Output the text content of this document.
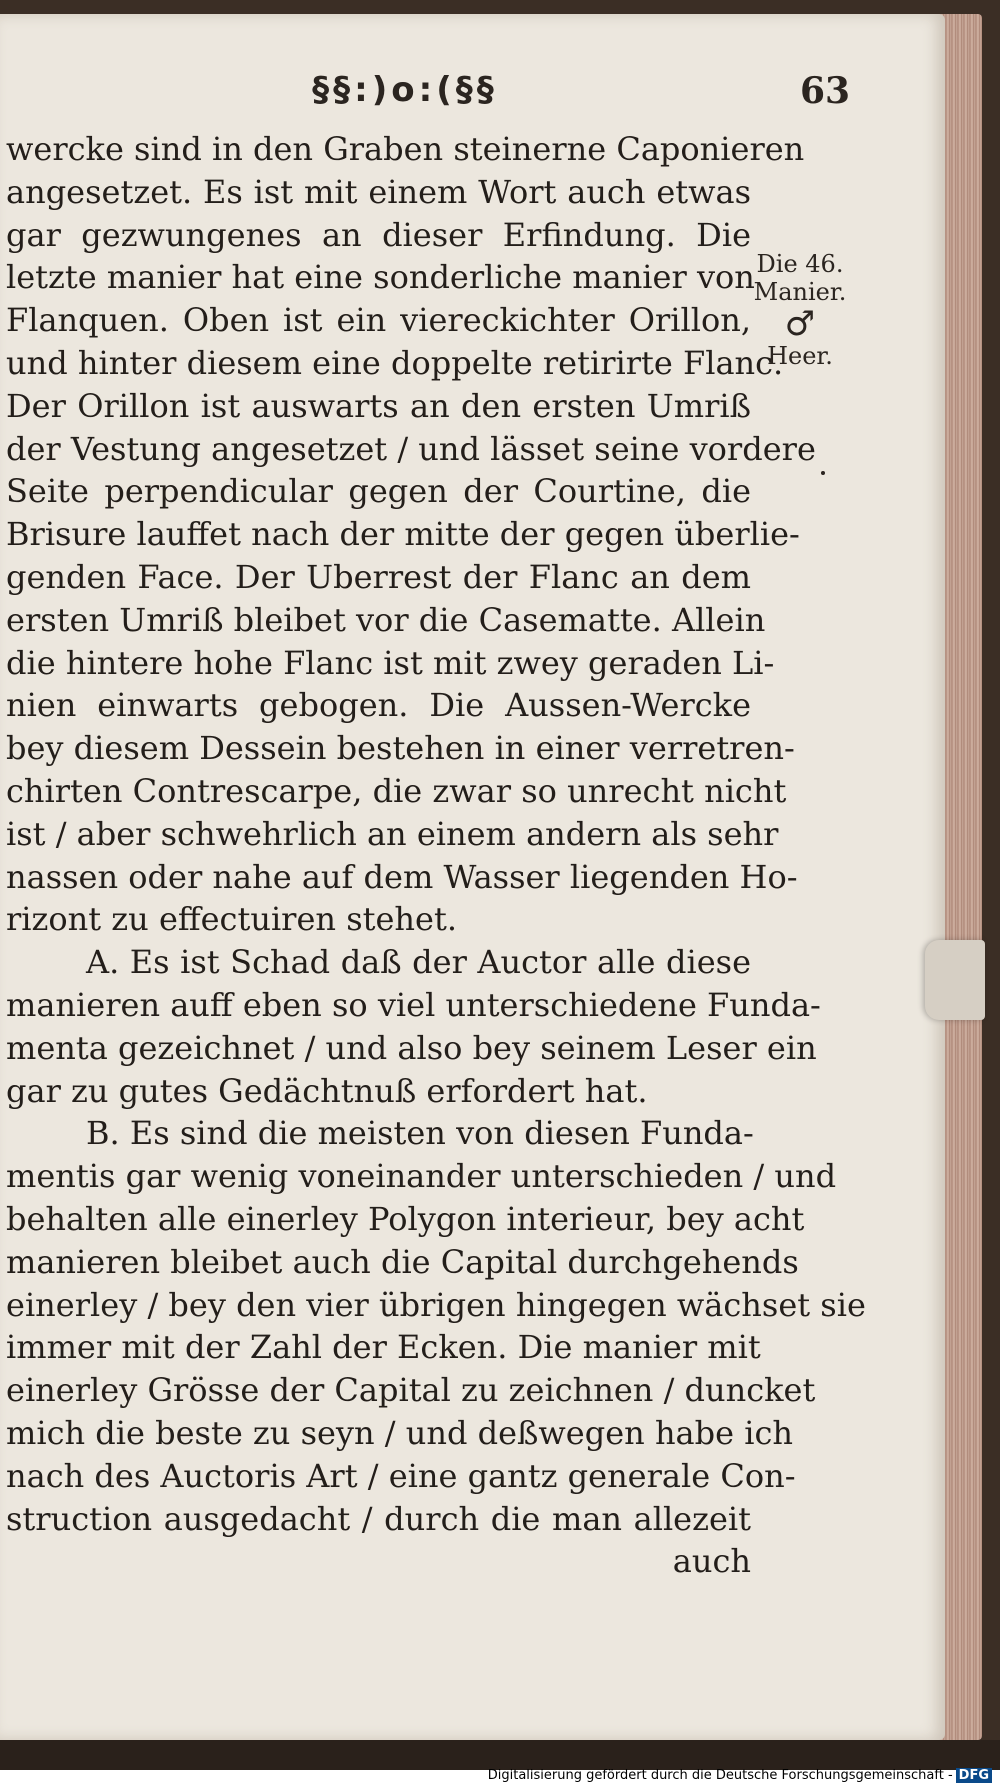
§§:)o:(§§	63
wercke sind in den Graben steinerne Caponieren
angesetzet. Es ist mit einem Wort auch etwas
gar gezwungenes an dieser Erfindung. Die
letzte manier hat eine sonderliche manier von
Flanquen. Oben ist ein viereckichter Orillon,
und hinter diesem eine doppelte retirirte Flanc.
Der Orillon ist auswarts an den ersten Umriß
der Vestung angesetzet / und lässet seine vordere
Seite perpendicular gegen der Courtine, die
Brisure lauffet nach der mitte der gegen überlie-
genden Face. Der Uberrest der Flanc an dem
ersten Umriß bleibet vor die Casematte. Allein
die hintere hohe Flanc ist mit zwey geraden Li-
nien einwarts gebogen. Die Aussen-Wercke
bey diesem Dessein bestehen in einer verretren-
chirten Contrescarpe, die zwar so unrecht nicht
ist / aber schwehrlich an einem andern als sehr
nassen oder nahe auf dem Wasser liegenden Ho-
rizont zu effectuiren stehet.
A. Es ist Schad daß der Auctor alle diese
manieren auff eben so viel unterschiedene Funda-
menta gezeichnet / und also bey seinem Leser ein
gar zu gutes Gedächtnuß erfordert hat.
B. Es sind die meisten von diesen Funda-
mentis gar wenig voneinander unterschieden / und
behalten alle einerley Polygon interieur, bey acht
manieren bleibet auch die Capital durchgehends
einerley / bey den vier übrigen hingegen wächset sie
immer mit der Zahl der Ecken. Die manier mit
einerley Grösse der Capital zu zeichnen / duncket
mich die beste zu seyn / und deßwegen habe ich
nach des Auctoris Art / eine gantz generale Con-
struction ausgedacht / durch die man allezeit
auch
Die 46.
Manier.
♂
Heer.
Digitalisierung gefördert durch die Deutsche Forschungsgemeinschaft - DFG
